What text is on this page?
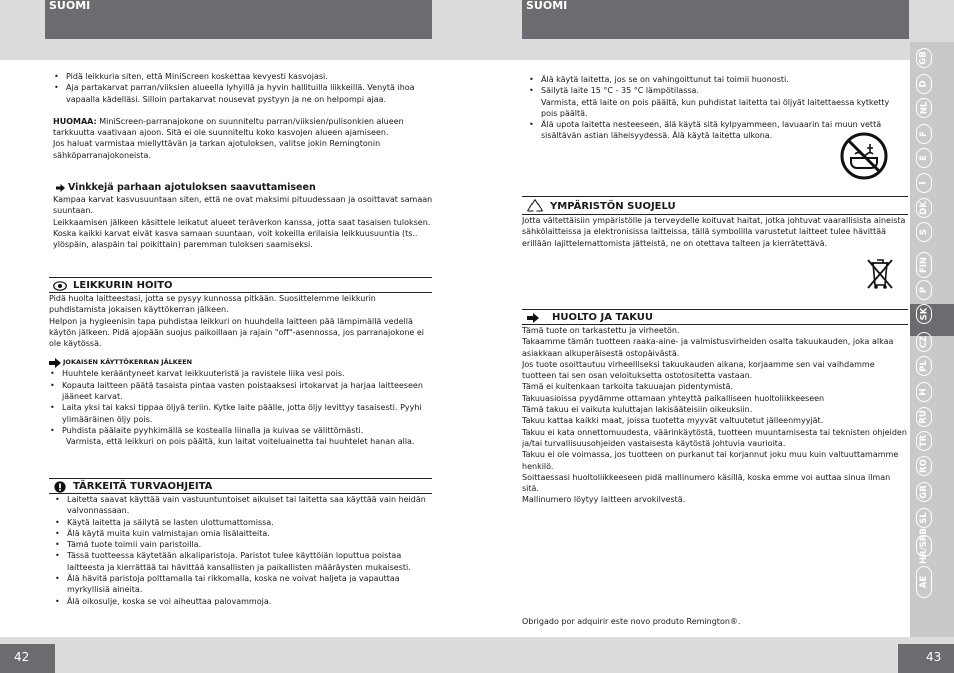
SUOMI	SUOMI
• Pidä leikkuria siten, että MiniScreen koskettaa kevyesti kasvojasi.
• Aja partakarvat parran/viiksien alueella lyhyillä ja hyvin hallituilla liikkeillä. Venytä ihoa vapaalla kädelläsi. Silloin partakarvat nousevat pystyyn ja ne on helpompi ajaa.
HUOMAA: MiniScreen-parranajokone on suunniteltu parran/viiksien/pulisonkien alueen tarkkuutta vaativaan ajoon. Sitä ei ole suunniteltu koko kasvojen alueen ajamiseen.
Jos haluat varmistaa miellyttävän ja tarkan ajotuloksen, valitse jokin Remingtonin sähköparranajokoneista.
Vinkkejä parhaan ajotuloksen saavuttamiseen
Kampaa karvat kasvusuuntaan siten, että ne ovat maksimi pituudessaan ja osoittavat samaan suuntaan.
Leikkaamisen jälkeen käsittele leikatut alueet teräverkon kanssa, jotta saat tasaisen tuloksen. Koska kaikki karvat eivät kasva samaan suuntaan, voit kokeilla erilaisia leikkuusuuntia (ts.. ylöspäin, alaspäin tai poikittain) paremman tuloksen saamiseksi.
LEIKKURIN HOITO
Pidä huolta laitteestasi, jotta se pysyy kunnossa pitkään. Suosittelemme leikkurin puhdistamista jokaisen käyttökerran jälkeen.
Helpon ja hygieenisin tapa puhdistaa leikkuri on huuhdella laitteen pää lämpimällä vedellä käytön jälkeen. Pidä ajopään suojus paikoillaan ja rajain "off"-asennossa, jos parranajokone ei ole käytössä.
JOKAISEN KÄYTTÖKERRAN JÄLKEEN
• Huuhtele kerääntyneet karvat leikkuuteristä ja ravistele liika vesi pois.
• Kopauta laitteen päätä tasaista pintaa vasten poistaaksesi irtokarvat ja harjaa laitteeseen jääneet karvat.
• Laita yksi tai kaksi tippaa öljyä teriin. Kytke laite päälle, jotta öljy levittyy tasaisesti. Pyyhi ylimääräinen öljy pois.
• Puhdista päälaite pyyhkimällä se kostealla liinalla ja kuivaa se välittömästi.
Varmista, että leikkuri on pois päältä, kun laitat voiteluainetta tai huuhtelet hanan alla.
TÄRKEITÄ TURVAOHJEITA
• Laitetta saavat käyttää vain vastuuntuntoiset aikuiset tai laitetta saa käyttää vain heidän valvonnassaan.
• Käytä laitetta ja säilytä se lasten ulottumattomissa.
• Älä käytä muita kuin valmistajan omia lisälaitteita.
• Tämä tuote toimii vain paristoilla.
• Tässä tuotteessa käytetään alkaliparistoja. Paristot tulee käyttöiän loputtua poistaa laitteesta ja kierrättää tai hävittää kansallisten ja paikallisten määräysten mukaisesti.
• Älä hävitä paristoja polttamalla tai rikkomalla, koska ne voivat haljeta ja vapauttaa myrkyllisiä aineita.
• Älä oikosulje, koska se voi aiheuttaa palovammoja.
• Älä käytä laitetta, jos se on vahingoittunut tai toimii huonosti.
• Säilytä laite 15 °C - 35 °C lämpötilassa.
Varmista, että laite on pois päältä, kun puhdistat laitetta tai öljyät laitettaessa kytketty pois päältä.
• Älä upota laitetta nesteeseen, älä käytä sitä kylpyammeen, lavuaarin tai muun vettä sisältävän astian läheisyydessä. Älä käytä laitetta ulkona.
YMPÄRISTÖN SUOJELU
Jotta vältettäisiin ympäristölle ja terveydelle koituvat haitat, jotka johtuvat vaarallisista aineista sähkölaitteissa ja elektronisissa laitteissa, tällä symbolilla varustetut laitteet tulee hävittää erillään lajittelemattomista jätteistä, ne on otettava talteen ja kierrätettävä.
HUOLTO JA TAKUU
Tämä tuote on tarkastettu ja virheetön.
Takaamme tämän tuotteen raaka-aine- ja valmistusvirheiden osalta takuukauden, joka alkaa asiakkaan alkuperäisestä ostopäivästä.
Jos tuote osoittautuu virheelliseksi takuukauden aikana, korjaamme sen vai vaihdamme tuotteen tai sen osan veloituksetta ostotositetta vastaan.
Tämä ei kuitenkaan tarkoita takuuajan pidentymistä.
Takuuasioissa pyydämme ottamaan yhteyttä paikalliseen huoltoliikkeeseen
Tämä takuu ei vaikuta kuluttajan lakisääteisiin oikeuksiin.
Takuu kattaa kaikki maat, joissa tuotetta myyvät valtuutetut jälleenmyyjät.
Takuu ei kata onnettomuudesta, väärinkäytöstä, tuotteen muuntamisesta tai teknisten ohjeiden ja/tai turvallisuusohjeiden vastaisesta käytöstä johtuvia vaurioita.
Takuu ei ole voimassa, jos tuotteen on purkanut tai korjannut joku muu kuin valtuuttamamme henkilö.
Soittaessasi huoltoliikkeeseen pidä mallinumero käsillä, koska emme voi auttaa sinua ilman sitä.
Mallinumero löytyy laitteen arvokilvestä.
Obrigado por adquirir este novo produto Remington®.
GB
D
NL
F
E
I
DK
S
FIN
P
SK
CZ
PL
H
RU
TR
RO
GR
SL
HR/SRB
AE
42	43
